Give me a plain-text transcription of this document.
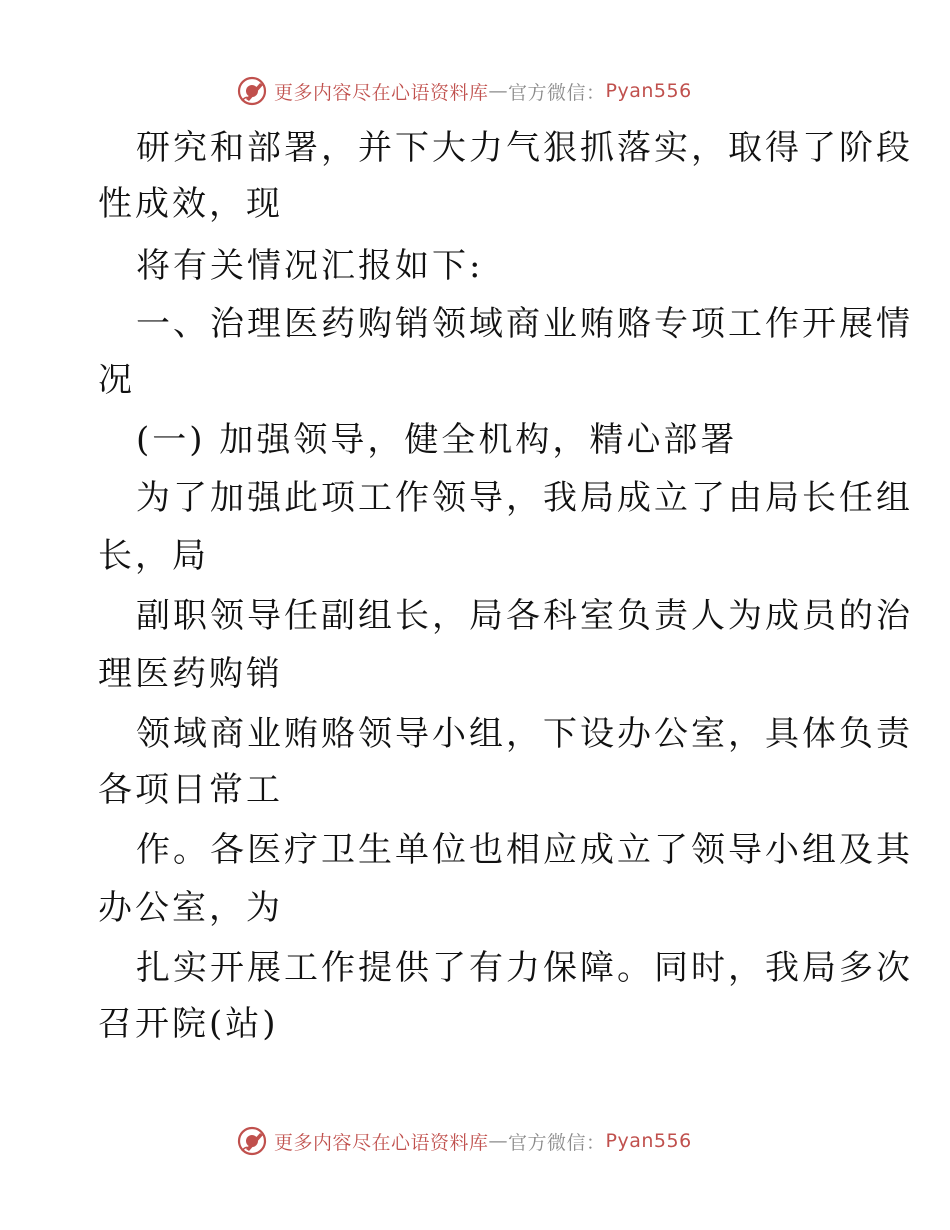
更多内容尽在心语资料库 — 官方微信： Pyan556
研究和部署，并下大力气狠抓落实，取得了阶段
性成效，现
将有关情况汇报如下:
一、治理医药购销领域商业贿赂专项工作开展情
况
(一) 加强领导，健全机构，精心部署
为了加强此项工作领导，我局成立了由局长任组
长，局
副职领导任副组长，局各科室负责人为成员的治
理医药购销
领域商业贿赂领导小组，下设办公室，具体负责
各项日常工
作。各医疗卫生单位也相应成立了领导小组及其
办公室，为
扎实开展工作提供了有力保障。同时，我局多次
召开院(站)
更多内容尽在心语资料库 — 官方微信： Pyan556
